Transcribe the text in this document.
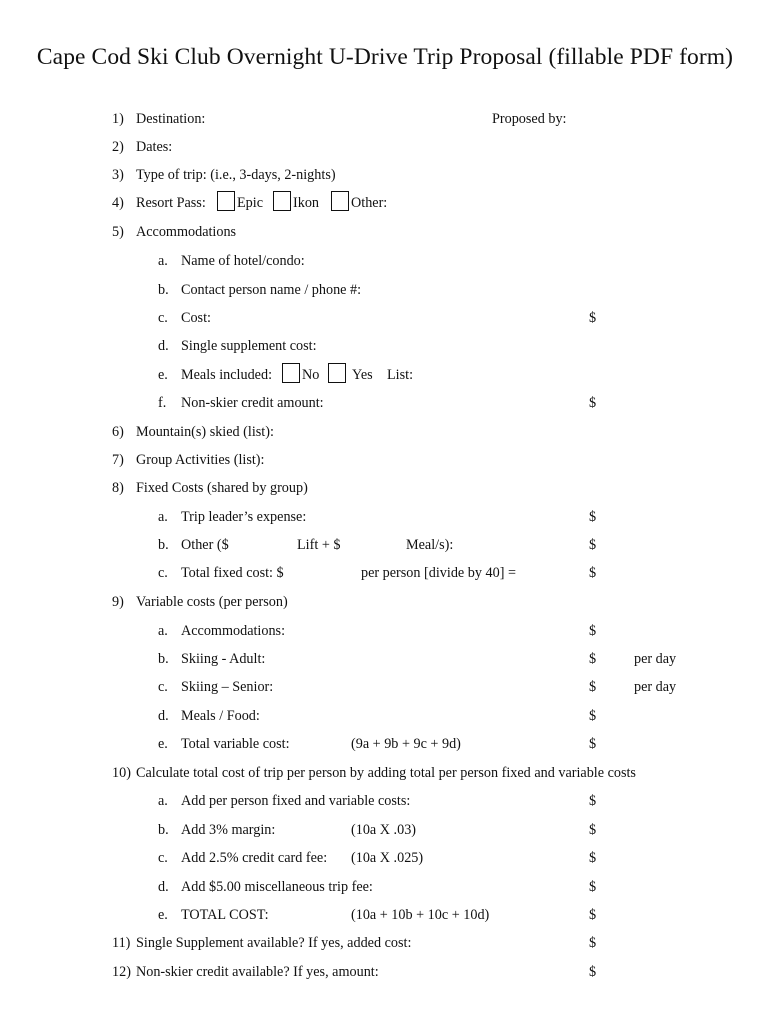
Cape Cod Ski Club Overnight U-Drive Trip Proposal (fillable PDF form)
1) Destination:	Proposed by:
2) Dates:
3) Type of trip: (i.e., 3-days, 2-nights)
4) Resort Pass: Epic Ikon Other:
5) Accommodations
a. Name of hotel/condo:
b. Contact person name / phone #:
c. Cost:	$
d. Single supplement cost:
e. Meals included: No Yes List:
f. Non-skier credit amount:	$
6) Mountain(s) skied (list):
7) Group Activities (list):
8) Fixed Costs (shared by group)
a. Trip leader’s expense:	$
b. Other ($	Lift + $	Meal/s):	$
c. Total fixed cost: $	per person [divide by 40] =	$
9) Variable costs (per person)
a. Accommodations:	$
b. Skiing - Adult:	$	per day
c. Skiing – Senior:	$	per day
d. Meals / Food:	$
e. Total variable cost:	(9a + 9b + 9c + 9d)	$
10) Calculate total cost of trip per person by adding total per person fixed and variable costs
a. Add per person fixed and variable costs:	$
b. Add 3% margin:	(10a X .03)	$
c. Add 2.5% credit card fee: (10a X .025)	$
d. Add $5.00 miscellaneous trip fee:	$
e. TOTAL COST:	(10a + 10b + 10c + 10d)	$
11) Single Supplement available? If yes, added cost:	$
12) Non-skier credit available? If yes, amount:	$
